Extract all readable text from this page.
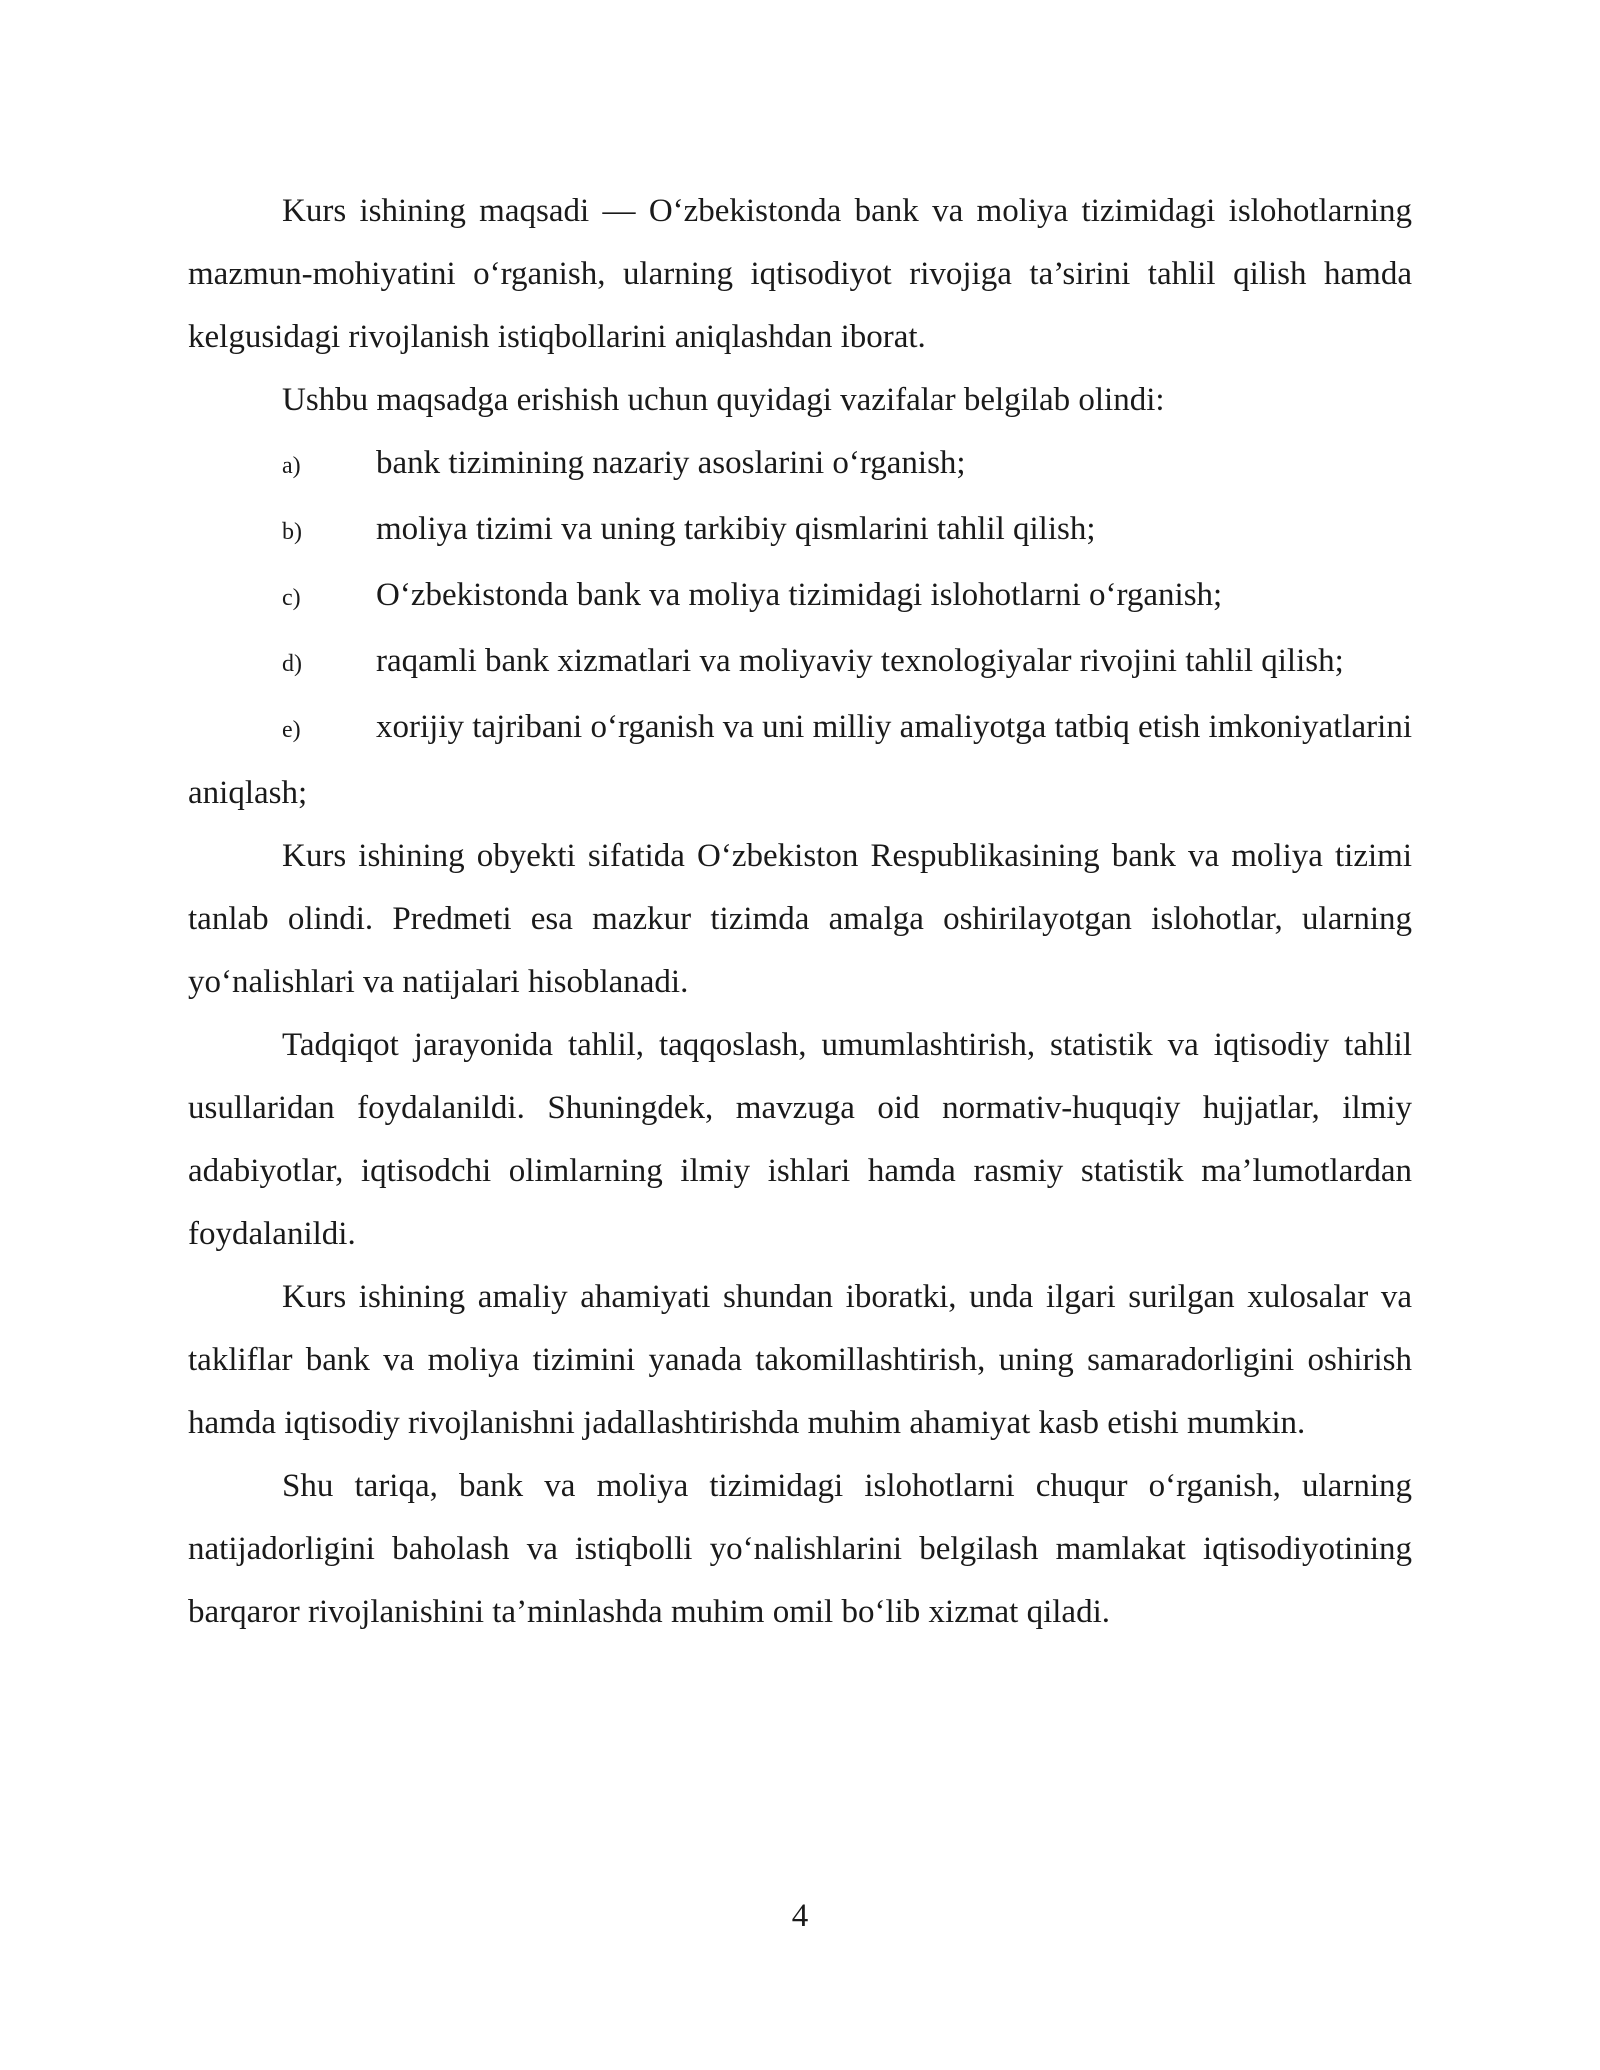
Kurs ishining maqsadi — O‘zbekistonda bank va moliya tizimidagi islohotlarning mazmun-mohiyatini o‘rganish, ularning iqtisodiyot rivojiga ta’sirini tahlil qilish hamda kelgusidagi rivojlanish istiqbollarini aniqlashdan iborat.

Ushbu maqsadga erishish uchun quyidagi vazifalar belgilab olindi:

a) bank tizimining nazariy asoslarini o‘rganish;

b) moliya tizimi va uning tarkibiy qismlarini tahlil qilish;

c) O‘zbekistonda bank va moliya tizimidagi islohotlarni o‘rganish;

d) raqamli bank xizmatlari va moliyaviy texnologiyalar rivojini tahlil qilish;

e) xorijiy tajribani o‘rganish va uni milliy amaliyotga tatbiq etish imkoniyatlarini aniqlash;

Kurs ishining obyekti sifatida O‘zbekiston Respublikasining bank va moliya tizimi tanlab olindi. Predmeti esa mazkur tizimda amalga oshirilayotgan islohotlar, ularning yo‘nalishlari va natijalari hisoblanadi.

Tadqiqot jarayonida tahlil, taqqoslash, umumlashtirish, statistik va iqtisodiy tahlil usullaridan foydalanildi. Shuningdek, mavzuga oid normativ-huquqiy hujjatlar, ilmiy adabiyotlar, iqtisodchi olimlarning ilmiy ishlari hamda rasmiy statistik ma’lumotlardan foydalanildi.

Kurs ishining amaliy ahamiyati shundan iboratki, unda ilgari surilgan xulosalar va takliflar bank va moliya tizimini yanada takomillashtirish, uning samaradorligini oshirish hamda iqtisodiy rivojlanishni jadallashtirishda muhim ahamiyat kasb etishi mumkin.

Shu tariqa, bank va moliya tizimidagi islohotlarni chuqur o‘rganish, ularning natijadorligini baholash va istiqbolli yo‘nalishlarini belgilash mamlakat iqtisodiyotining barqaror rivojlanishini ta’minlashda muhim omil bo‘lib xizmat qiladi.

4
